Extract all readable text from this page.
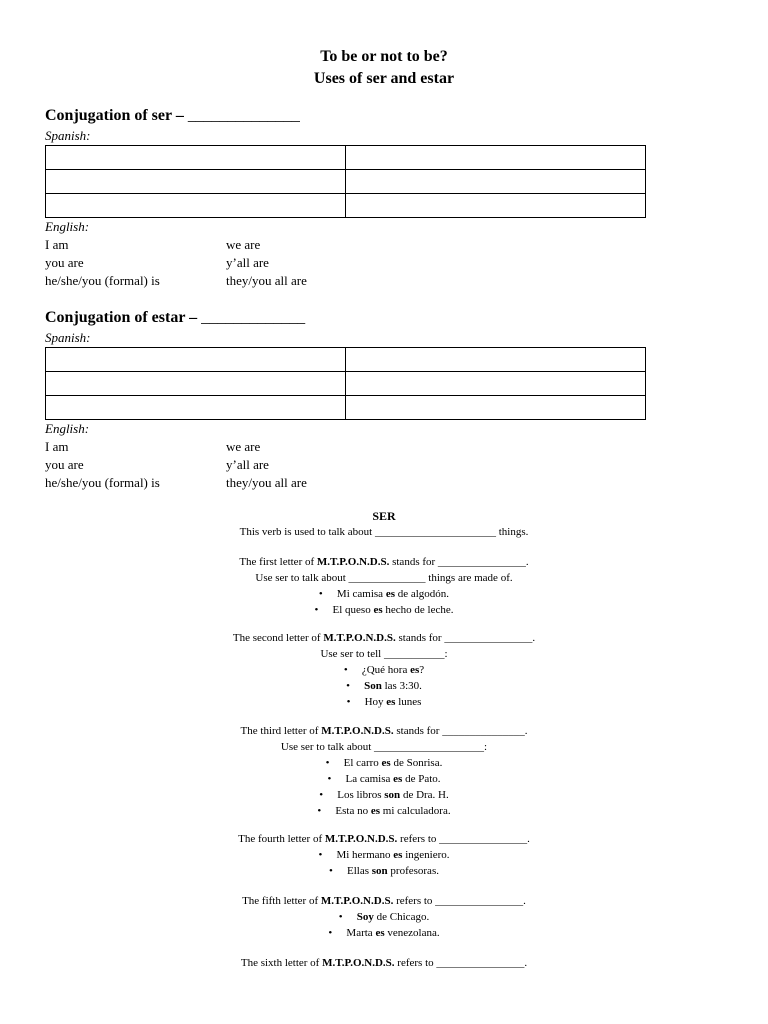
To be or not to be?
Uses of ser and estar
Conjugation of ser – ______________
Spanish:

English:
I am	we are
you are	y’all are
he/she/you (formal) is	they/you all are
Conjugation of estar – _____________
Spanish:

English:
I am	we are
you are	y’all are
he/she/you (formal) is	they/you all are
SER
This verb is used to talk about ______________________ things.
The first letter of M.T.P.O.N.D.S. stands for ________________.
Use ser to talk about ______________ things are made of.
• Mi camisa es de algodón.
• El queso es hecho de leche.
The second letter of M.T.P.O.N.D.S. stands for ________________.
Use ser to tell ___________:
• ¿Qué hora es?
• Son las 3:30.
• Hoy es lunes
The third letter of M.T.P.O.N.D.S. stands for _______________.
Use ser to talk about ____________________:
• El carro es de Sonrisa.
• La camisa es de Pato.
• Los libros son de Dra. H.
• Esta no es mi calculadora.
The fourth letter of M.T.P.O.N.D.S. refers to ________________.
• Mi hermano es ingeniero.
• Ellas son profesoras.
The fifth letter of M.T.P.O.N.D.S. refers to ________________.
• Soy de Chicago.
• Marta es venezolana.
The sixth letter of M.T.P.O.N.D.S. refers to ________________.
